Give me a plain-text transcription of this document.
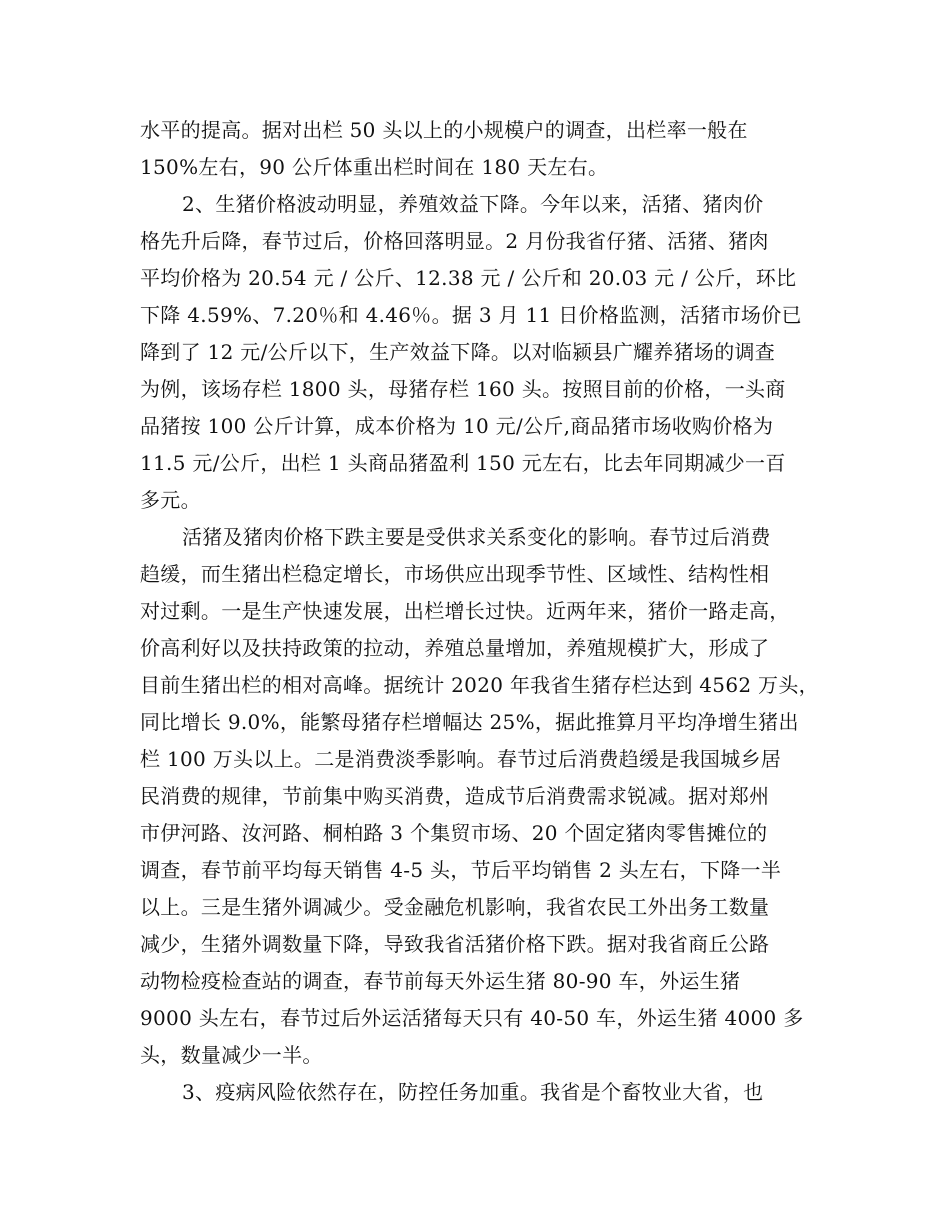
水平的提高。据对出栏 50 头以上的小规模户的调查，出栏率一般在
150%左右，90 公斤体重出栏时间在 180 天左右。
2、生猪价格波动明显，养殖效益下降。今年以来，活猪、猪肉价
格先升后降，春节过后，价格回落明显。2 月份我省仔猪、活猪、猪肉
平均价格为 20.54 元 / 公斤、12.38 元 / 公斤和 20.03 元 / 公斤，环比
下降 4.59%、7.20％和 4.46％。据 3 月 11 日价格监测，活猪市场价已
降到了 12 元/公斤以下，生产效益下降。以对临颍县广耀养猪场的调查
为例，该场存栏 1800 头，母猪存栏 160 头。按照目前的价格，一头商
品猪按 100 公斤计算，成本价格为 10 元/公斤,商品猪市场收购价格为
11.5 元/公斤，出栏 1 头商品猪盈利 150 元左右，比去年同期减少一百
多元。
活猪及猪肉价格下跌主要是受供求关系变化的影响。春节过后消费
趋缓，而生猪出栏稳定增长，市场供应出现季节性、区域性、结构性相
对过剩。一是生产快速发展，出栏增长过快。近两年来，猪价一路走高，
价高利好以及扶持政策的拉动，养殖总量增加，养殖规模扩大，形成了
目前生猪出栏的相对高峰。据统计 2020 年我省生猪存栏达到 4562 万头，
同比增长 9.0%，能繁母猪存栏增幅达 25%，据此推算月平均净增生猪出
栏 100 万头以上。二是消费淡季影响。春节过后消费趋缓是我国城乡居
民消费的规律，节前集中购买消费，造成节后消费需求锐减。据对郑州
市伊河路、汝河路、桐柏路 3 个集贸市场、20 个固定猪肉零售摊位的
调查，春节前平均每天销售 4-5 头，节后平均销售 2 头左右，下降一半
以上。三是生猪外调减少。受金融危机影响，我省农民工外出务工数量
减少，生猪外调数量下降，导致我省活猪价格下跌。据对我省商丘公路
动物检疫检查站的调查，春节前每天外运生猪 80-90 车，外运生猪
9000 头左右，春节过后外运活猪每天只有 40-50 车，外运生猪 4000 多
头，数量减少一半。
3、疫病风险依然存在，防控任务加重。我省是个畜牧业大省，也
